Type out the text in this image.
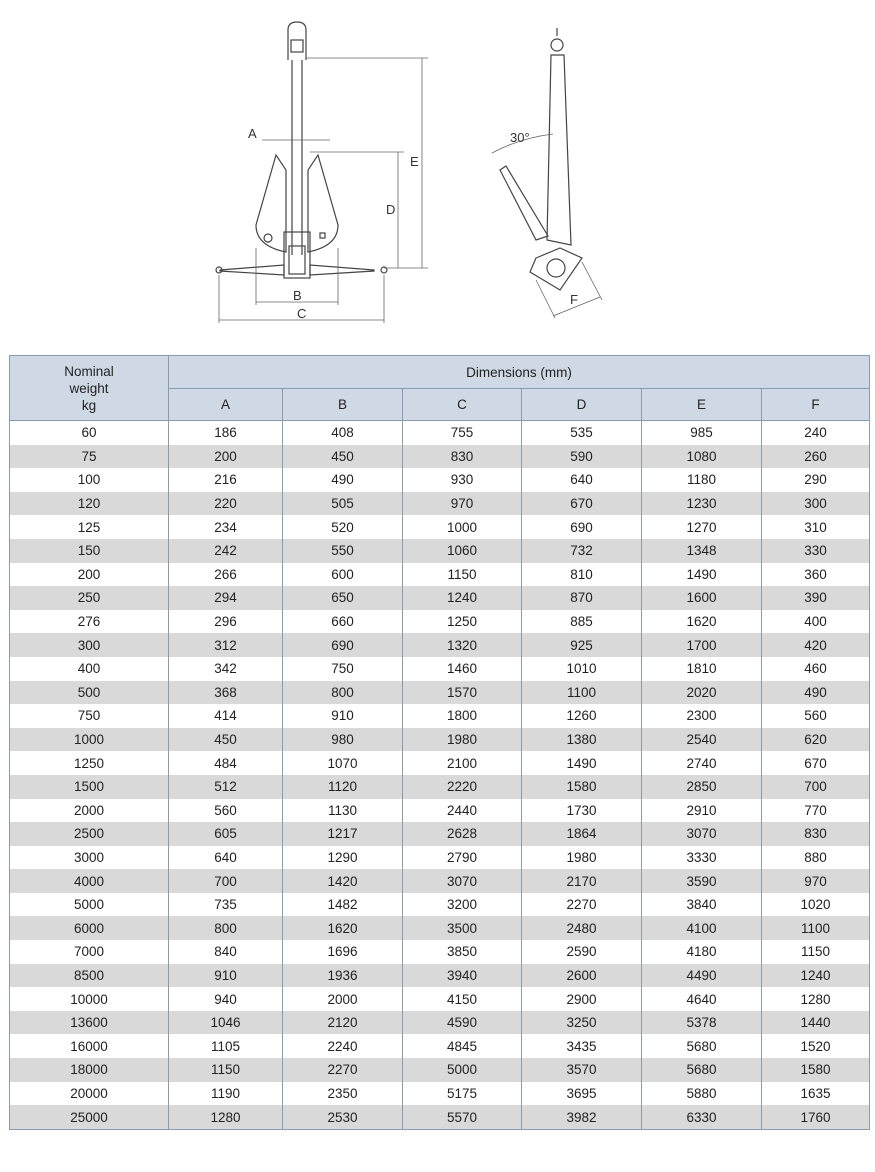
A
B
C
D
E
F
30°
Nominal
weight
kg	Dimensions (mm)					
	A	B	C	D	E	F
60	186	408	755	535	985	240
75	200	450	830	590	1080	260
100	216	490	930	640	1180	290
120	220	505	970	670	1230	300
125	234	520	1000	690	1270	310
150	242	550	1060	732	1348	330
200	266	600	1150	810	1490	360
250	294	650	1240	870	1600	390
276	296	660	1250	885	1620	400
300	312	690	1320	925	1700	420
400	342	750	1460	1010	1810	460
500	368	800	1570	1100	2020	490
750	414	910	1800	1260	2300	560
1000	450	980	1980	1380	2540	620
1250	484	1070	2100	1490	2740	670
1500	512	1120	2220	1580	2850	700
2000	560	1130	2440	1730	2910	770
2500	605	1217	2628	1864	3070	830
3000	640	1290	2790	1980	3330	880
4000	700	1420	3070	2170	3590	970
5000	735	1482	3200	2270	3840	1020
6000	800	1620	3500	2480	4100	1100
7000	840	1696	3850	2590	4180	1150
8500	910	1936	3940	2600	4490	1240
10000	940	2000	4150	2900	4640	1280
13600	1046	2120	4590	3250	5378	1440
16000	1105	2240	4845	3435	5680	1520
18000	1150	2270	5000	3570	5680	1580
20000	1190	2350	5175	3695	5880	1635
25000	1280	2530	5570	3982	6330	1760
